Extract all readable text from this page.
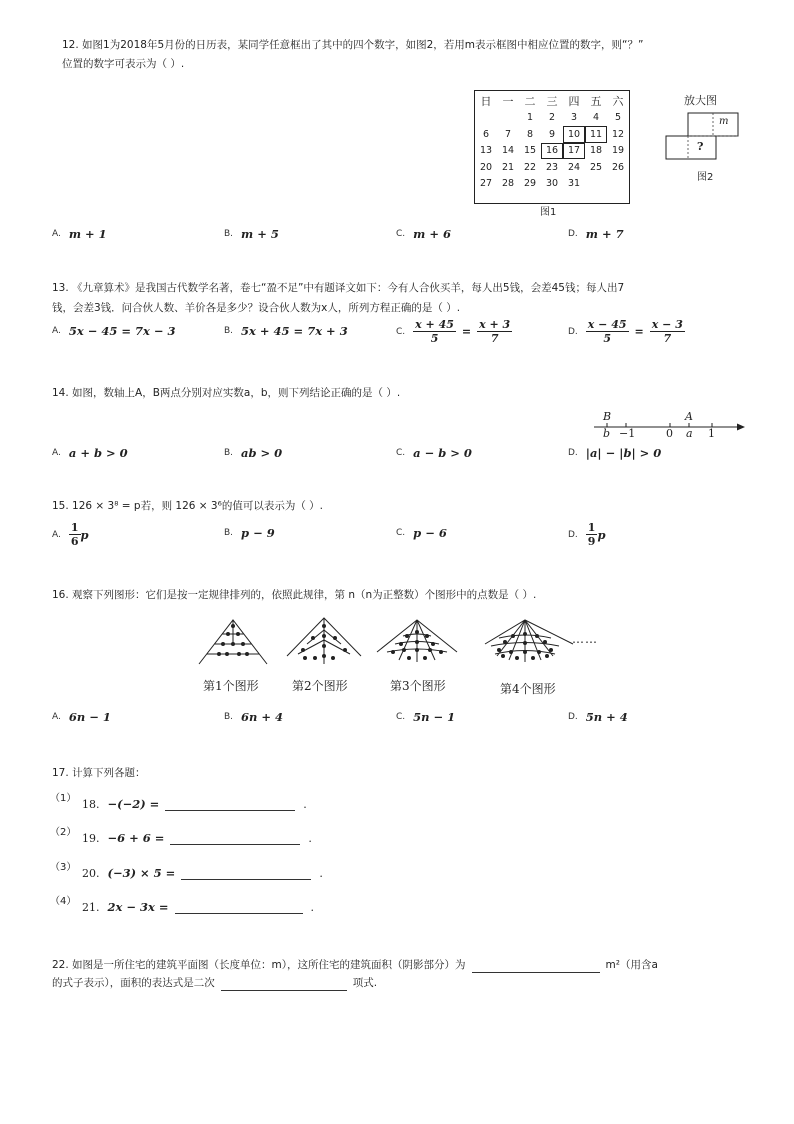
12. 如图1为2018年5月份的日历表，某同学任意框出了其中的四个数字，如图2，若用m表示框图中相应位置的数字，则“？”
位置的数字可表示为（ ）.
日	一	二	三	四	五	六
		1	2	3	4	5
6	7	8	9	10	11	12
13	14	15	16	17	18	19
20	21	22	23	24	25	26
27	28	29	30	31		
图1
放大图
m
?
图2
A. m + 1	B. m + 5	C. m + 6	D. m + 7
13. 《九章算术》是我国古代数学名著，卷七“盈不足”中有题译文如下：今有人合伙买羊，每人出5钱，会差45钱；每人出7
钱，会差3钱．问合伙人数、羊价各是多少？设合伙人数为x人，所列方程正确的是（ ）.
A. 5x − 45 = 7x − 3	B. 5x + 45 = 7x + 3	C. $\frac{x + 45}{5} = \frac{x + 3}{7}$	D. $\frac{x - 45}{5} = \frac{x - 3}{7}$
14. 如图，数轴上A，B两点分别对应实数a，b，则下列结论正确的是（ ）.
B	A
b −1	0 a 1
A. a + b > 0	B. ab > 0	C. a − b > 0	D. |a| − |b| > 0
15. 126 × 3⁸ = p若，则 126 × 3⁶的值可以表示为（ ）.
A. $\frac{1}{6}$ p	B. p − 9	C. p − 6	D. $\frac{1}{9}$ p
16. 观察下列图形：它们是按一定规律排列的，依照此规律，第 n（n为正整数）个图形中的点数是（ ）.
……
第1个图形	第2个图形	第3个图形	第4个图形
A. 6n − 1	B. 6n + 4	C. 5n − 1	D. 5n + 4
17. 计算下列各题：
（1） 18. −(−2) =	.
（2） 19. −6 + 6 =	.
（3） 20. (−3) × 5 =	.
（4） 21. 2x − 3x =	.
22. 如图是一所住宅的建筑平面图（长度单位：m），这所住宅的建筑面积（阴影部分）为	m²（用含a
的式子表示），面积的表达式是二次	项式.
